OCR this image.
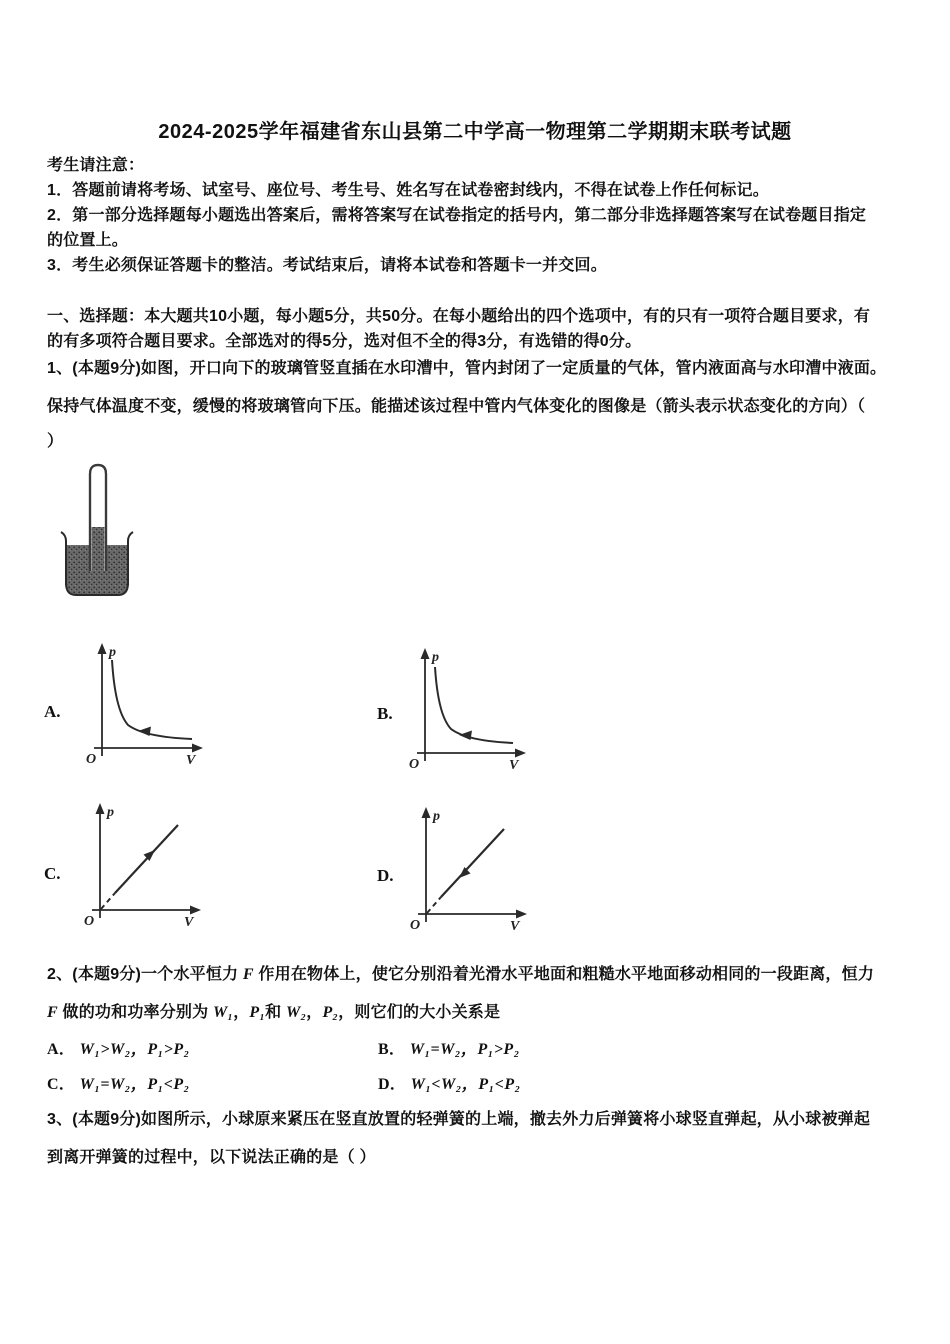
2024-2025学年福建省东山县第二中学高一物理第二学期期末联考试题
考生请注意：
1．答题前请将考场、试室号、座位号、考生号、姓名写在试卷密封线内，不得在试卷上作任何标记。
2．第一部分选择题每小题选出答案后，需将答案写在试卷指定的括号内，第二部分非选择题答案写在试卷题目指定
的位置上。
3．考生必须保证答题卡的整洁。考试结束后，请将本试卷和答题卡一并交回。
一、选择题：本大题共10小题，每小题5分，共50分。在每小题给出的四个选项中，有的只有一项符合题目要求，有
的有多项符合题目要求。全部选对的得5分，选对但不全的得3分，有选错的得0分。
1、(本题9分)如图，开口向下的玻璃管竖直插在水印漕中，管内封闭了一定质量的气体，管内液面高与水印漕中液面。
保持气体温度不变，缓慢的将玻璃管向下压。能描述该过程中管内气体变化的图像是（箭头表示状态变化的方向）（
）
A.
p
V
O
B.
p
V
O
C.
p
V
O
D.
p
V
O
2、(本题9分)一个水平恒力 F 作用在物体上，使它分别沿着光滑水平地面和粗糙水平地面移动相同的一段距离，恒力
F 做的功和功率分别为 W₁，P₁和 W₂，P₂，则它们的大小关系是
A． W₁>W₂，P₁>P₂	B． W₁=W₂，P₁>P₂
C． W₁=W₂，P₁<P₂	D． W₁<W₂，P₁<P₂
3、(本题9分)如图所示，小球原来紧压在竖直放置的轻弹簧的上端，撤去外力后弹簧将小球竖直弹起，从小球被弹起
到离开弹簧的过程中，以下说法正确的是（ ）
